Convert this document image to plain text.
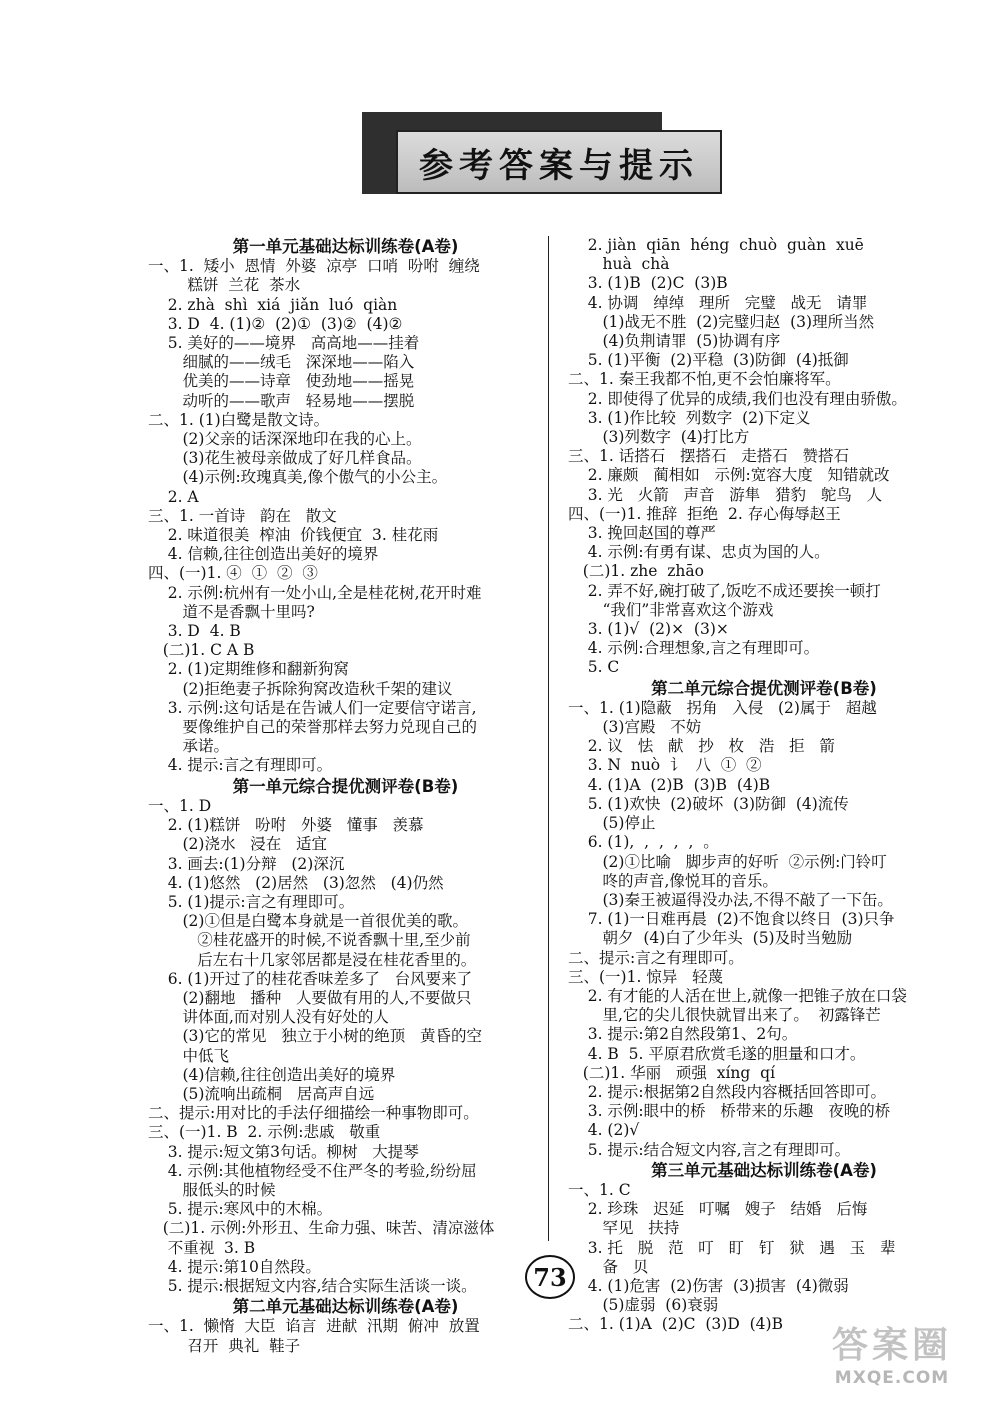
参考答案与提示
第一单元基础达标训练卷(A卷)
一、1.  矮小  恩情  外婆  凉亭  口哨  吩咐  缠绕
糕饼  兰花  茶水
2. zhà  shì  xiá  jiǎn  luó  qiàn
3. D  4. (1)②  (2)①  (3)②  (4)②
5. 美好的——境界   高高地——挂着
细腻的——绒毛   深深地——陷入
优美的——诗章   使劲地——摇晃
动听的——歌声   轻易地——摆脱
二、1. (1)白鹭是散文诗。
(2)父亲的话深深地印在我的心上。
(3)花生被母亲做成了好几样食品。
(4)示例:玫瑰真美,像个傲气的小公主。
2. A
三、1. 一首诗   韵在   散文
2. 味道很美  榨油  价钱便宜  3. 桂花雨
4. 信赖,往往创造出美好的境界
四、(一)1. ④  ①  ②  ③
2. 示例:杭州有一处小山,全是桂花树,花开时难
道不是香飘十里吗?
3. D  4. B
(二)1. C A B
2. (1)定期维修和翻新狗窝
(2)拒绝妻子拆除狗窝改造秋千架的建议
3. 示例:这句话是在告诫人们一定要信守诺言,
要像维护自己的荣誉那样去努力兑现自己的
承诺。
4. 提示:言之有理即可。
第一单元综合提优测评卷(B卷)
一、1. D
2. (1)糕饼   吩咐   外婆   懂事   羡慕
(2)浇水   浸在   适宜
3. 画去:(1)分辩   (2)深沉
4. (1)悠然   (2)居然   (3)忽然   (4)仍然
5. (1)提示:言之有理即可。
(2)①但是白鹭本身就是一首很优美的歌。
②桂花盛开的时候,不说香飘十里,至少前
后左右十几家邻居都是浸在桂花香里的。
6. (1)开过了的桂花香味差多了   台风要来了
(2)翻地   播种   人要做有用的人,不要做只
讲体面,而对别人没有好处的人
(3)它的常见   独立于小树的绝顶   黄昏的空
中低飞
(4)信赖,往往创造出美好的境界
(5)流响出疏桐   居高声自远
二、提示:用对比的手法仔细描绘一种事物即可。
三、(一)1. B  2. 示例:悲戚   敬重
3. 提示:短文第3句话。柳树   大提琴
4. 示例:其他植物经受不住严冬的考验,纷纷屈
服低头的时候
5. 提示:寒风中的木棉。
(二)1. 示例:外形丑、生命力强、味苦、清凉滋体
不重视  3. B
4. 提示:第10自然段。
5. 提示:根据短文内容,结合实际生活谈一谈。
第二单元基础达标训练卷(A卷)
一、1.  懒惰  大臣  谄言  进献  汛期  俯冲  放置
召开  典礼  鞋子
2. jiàn  qiān  héng  chuò  guàn  xuē
huà  chà
3. (1)B  (2)C  (3)B
4. 协调   绰绰   理所   完璧   战无   请罪
(1)战无不胜  (2)完璧归赵  (3)理所当然
(4)负荆请罪  (5)协调有序
5. (1)平衡  (2)平稳  (3)防御  (4)抵御
二、1. 秦王我都不怕,更不会怕廉将军。
2. 即使得了优异的成绩,我们也没有理由骄傲。
3. (1)作比较  列数字  (2)下定义
(3)列数字  (4)打比方
三、1. 话搭石   摆搭石   走搭石   赞搭石
2. 廉颇   蔺相如   示例:宽容大度   知错就改
3. 光   火箭   声音   游隼   猎豹   鸵鸟   人
四、(一)1. 推辞  拒绝  2. 存心侮辱赵王
3. 挽回赵国的尊严
4. 示例:有勇有谋、忠贞为国的人。
(二)1. zhe  zhāo
2. 弄不好,碗打破了,饭吃不成还要挨一顿打
“我们”非常喜欢这个游戏
3. (1)√  (2)×  (3)×
4. 示例:合理想象,言之有理即可。
5. C
第二单元综合提优测评卷(B卷)
一、1. (1)隐蔽   拐角   入侵   (2)属于   超越
(3)宫殿   不妨
2. 议   怯   献   抄   枚   浩   拒   箭
3. N  nuò  讠  八  ①  ②
4. (1)A  (2)B  (3)B  (4)B
5. (1)欢快  (2)破坏  (3)防御  (4)流传
(5)停止
6. (1),  ,  ,  ,  ,  。
(2)①比喻   脚步声的好听  ②示例:门铃叮
咚的声音,像悦耳的音乐。
(3)秦王被逼得没办法,不得不敲了一下缶。
7. (1)一日难再晨  (2)不饱食以终日  (3)只争
朝夕  (4)白了少年头  (5)及时当勉励
二、提示:言之有理即可。
三、(一)1. 惊异   轻蔑
2. 有才能的人活在世上,就像一把锥子放在口袋
里,它的尖儿很快就冒出来了。  初露锋芒
3. 提示:第2自然段第1、2句。
4. B  5. 平原君欣赏毛遂的胆量和口才。
(二)1. 华丽   顽强  xíng  qí
2. 提示:根据第2自然段内容概括回答即可。
3. 示例:眼中的桥   桥带来的乐趣   夜晚的桥
4. (2)√
5. 提示:结合短文内容,言之有理即可。
第三单元基础达标训练卷(A卷)
一、1. C
2. 珍珠   迟延   叮嘱   嫂子   结婚   后悔
罕见   扶持
3. 托   脱   范   叮   盯   钉   狱   遇   玉   辈
备   贝
4. (1)危害  (2)伤害  (3)损害  (4)微弱
(5)虚弱  (6)衰弱
二、1. (1)A  (2)C  (3)D  (4)B
73
答案圈
MXQE.COM
